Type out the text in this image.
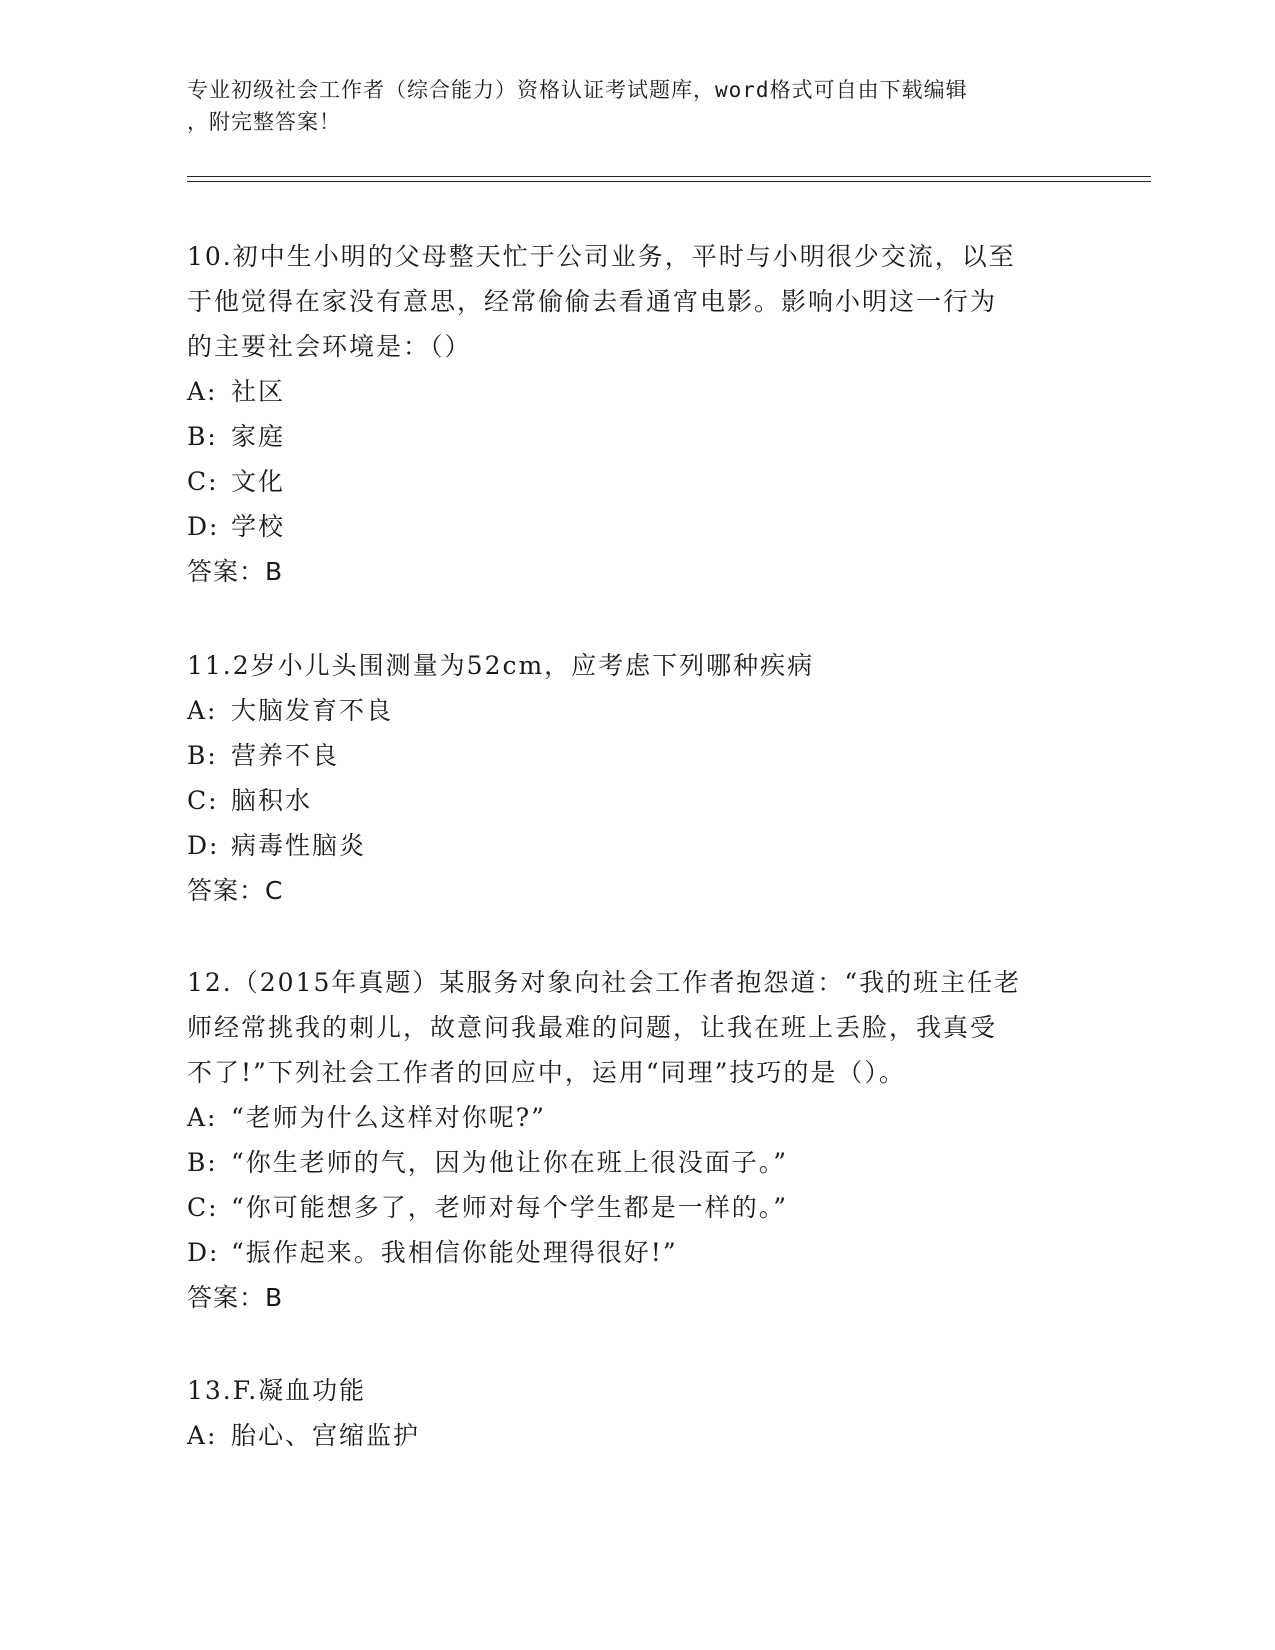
专业初级社会工作者（综合能力）资格认证考试题库，word格式可自由下载编辑
，附完整答案！
10.初中生小明的父母整天忙于公司业务，平时与小明很少交流，以至
于他觉得在家没有意思，经常偷偷去看通宵电影。影响小明这一行为
的主要社会环境是：（）
A: 社区
B: 家庭
C: 文化
D: 学校
答案：B
11.2岁小儿头围测量为52cm，应考虑下列哪种疾病
A: 大脑发育不良
B: 营养不良
C: 脑积水
D: 病毒性脑炎
答案：C
12.（2015年真题）某服务对象向社会工作者抱怨道：“我的班主任老
师经常挑我的刺儿，故意问我最难的问题，让我在班上丢脸，我真受
不了!”下列社会工作者的回应中，运用“同理”技巧的是（）。
A: “老师为什么这样对你呢?”
B: “你生老师的气，因为他让你在班上很没面子。”
C: “你可能想多了，老师对每个学生都是一样的。”
D: “振作起来。我相信你能处理得很好!”
答案：B
13.F.凝血功能
A: 胎心、宫缩监护
